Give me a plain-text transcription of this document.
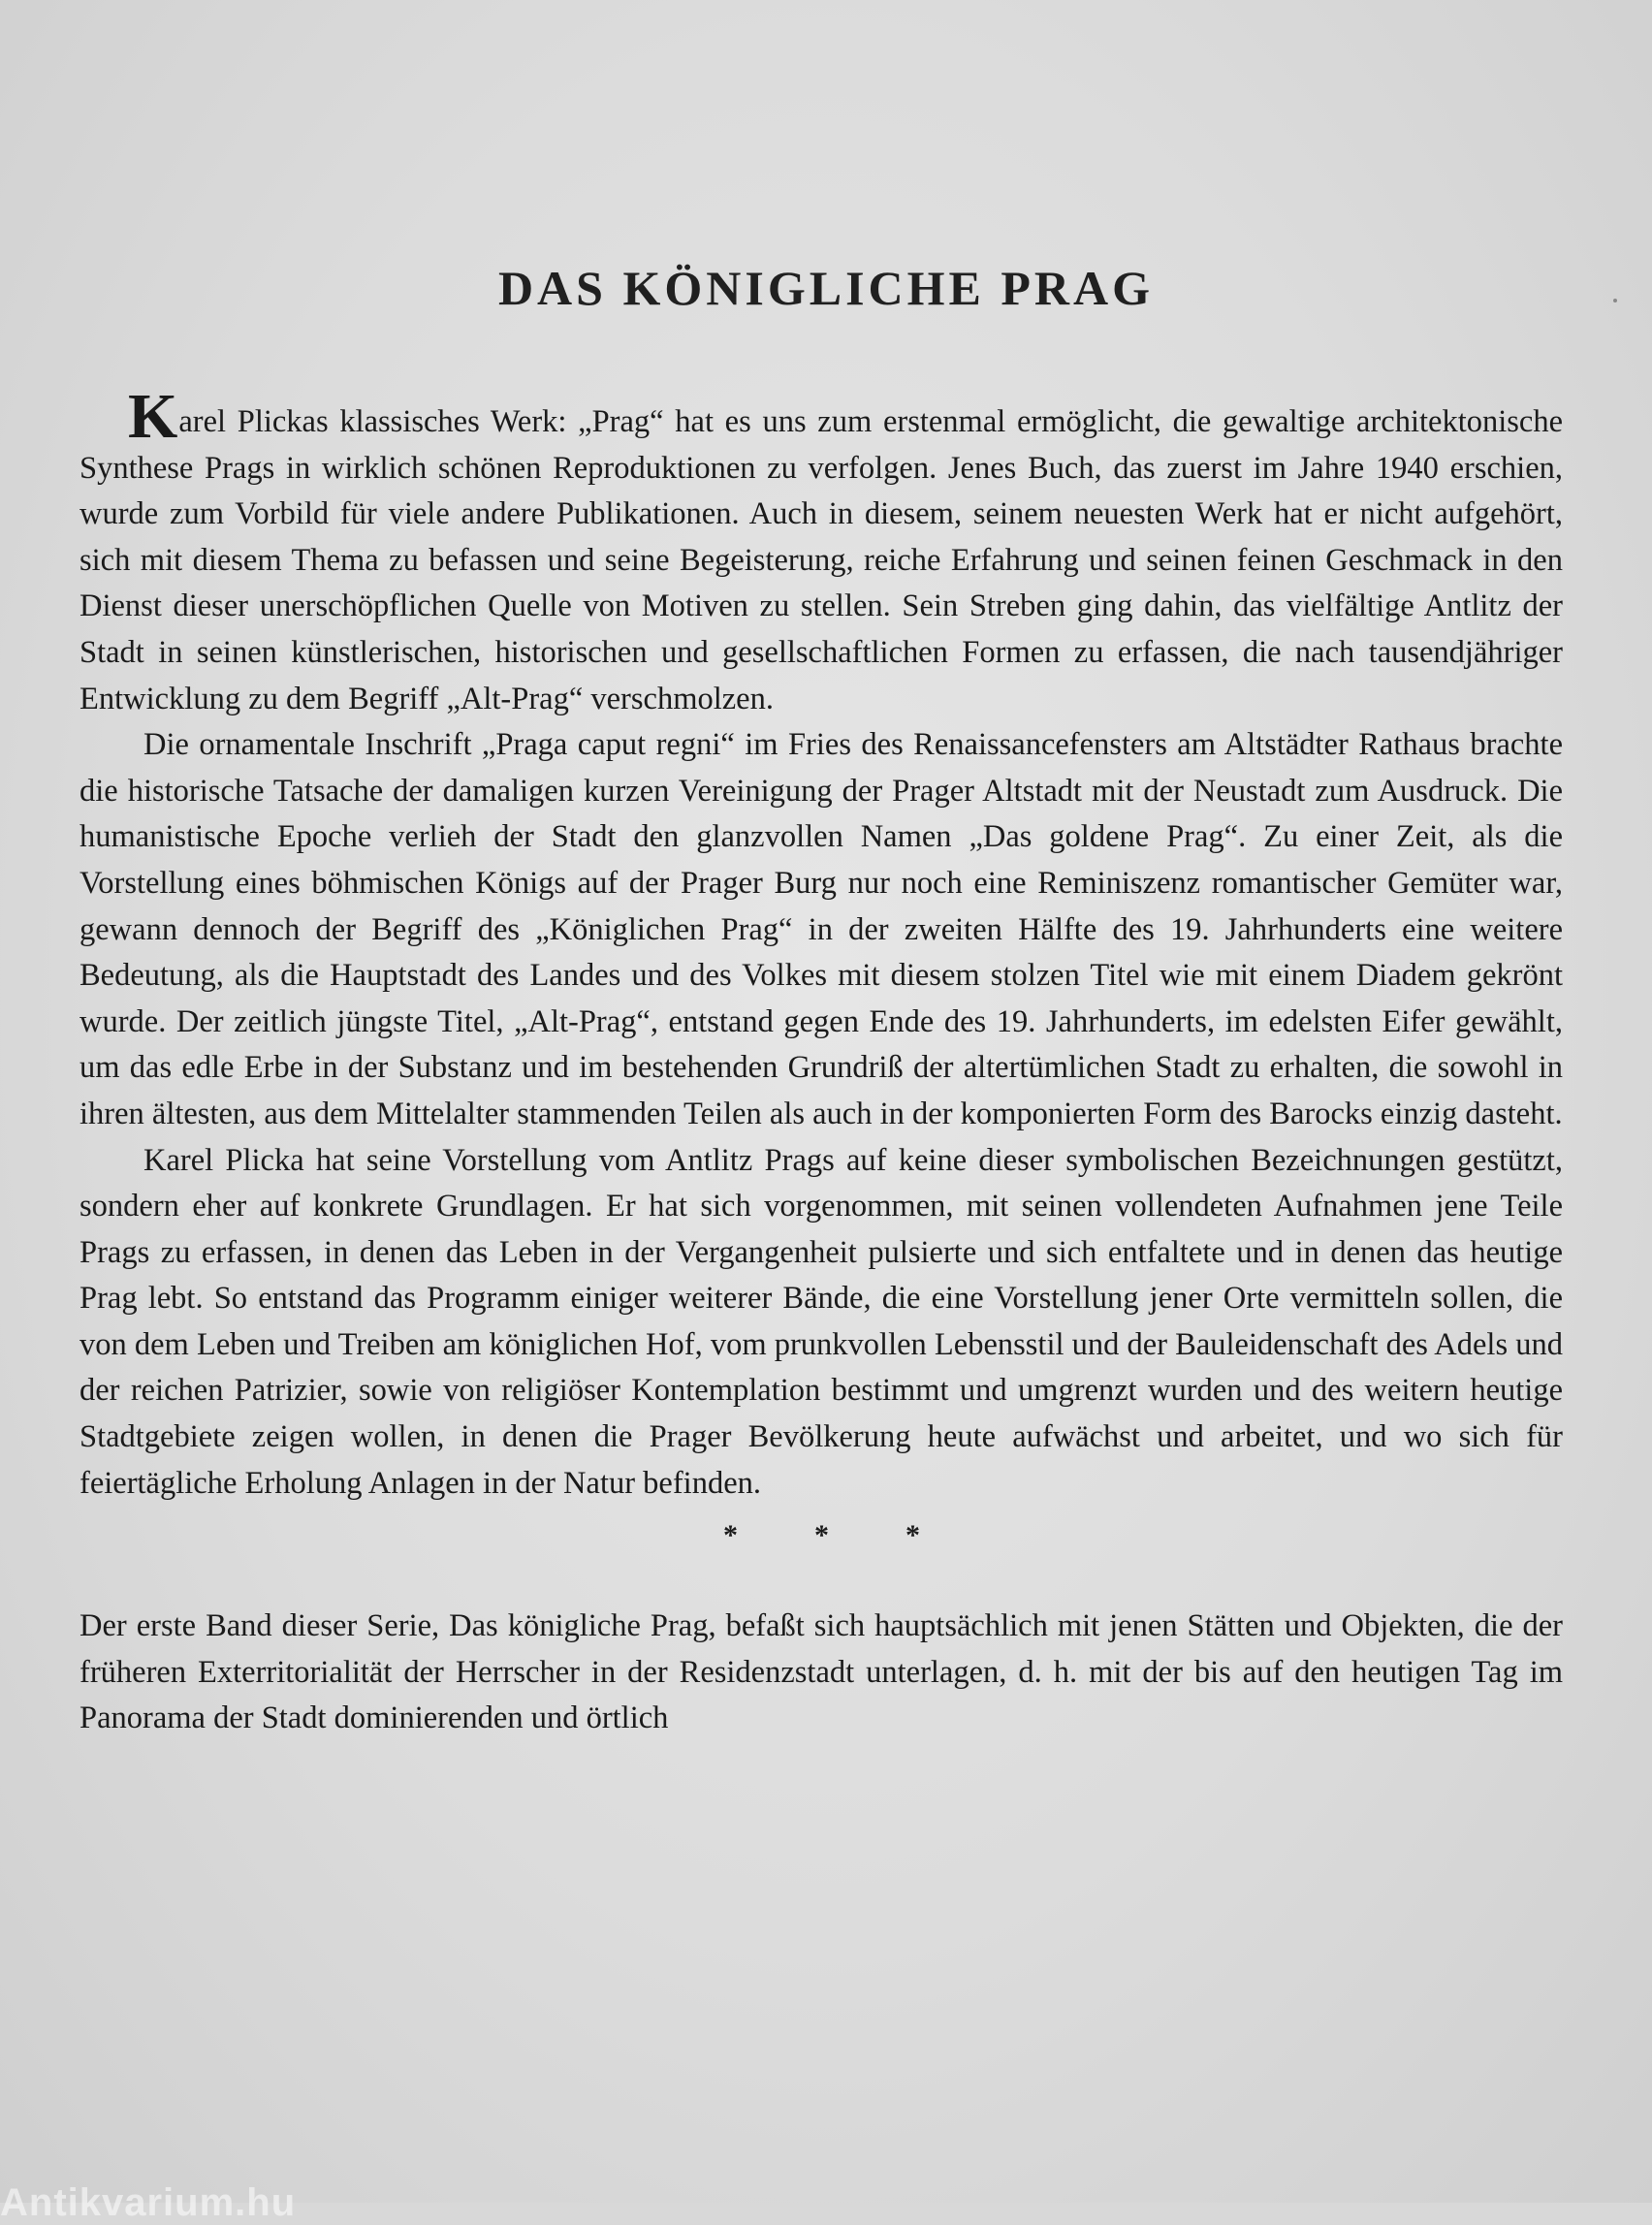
DAS KÖNIGLICHE PRAG

Karel Plickas klassisches Werk: „Prag“ hat es uns zum erstenmal ermöglicht, die gewaltige architektonische Synthese Prags in wirklich schönen Reproduktionen zu verfolgen. Jenes Buch, das zuerst im Jahre 1940 erschien, wurde zum Vorbild für viele andere Publikationen. Auch in diesem, seinem neuesten Werk hat er nicht aufgehört, sich mit diesem Thema zu befassen und seine Begeisterung, reiche Erfahrung und seinen feinen Geschmack in den Dienst dieser unerschöpflichen Quelle von Motiven zu stellen. Sein Streben ging dahin, das vielfältige Antlitz der Stadt in seinen künstlerischen, historischen und gesellschaftlichen Formen zu erfassen, die nach tausendjähriger Entwicklung zu dem Begriff „Alt-Prag“ verschmolzen.

Die ornamentale Inschrift „Praga caput regni“ im Fries des Renaissancefensters am Altstädter Rathaus brachte die historische Tatsache der damaligen kurzen Vereinigung der Prager Altstadt mit der Neustadt zum Ausdruck. Die humanistische Epoche verlieh der Stadt den glanzvollen Namen „Das goldene Prag“. Zu einer Zeit, als die Vorstellung eines böhmischen Königs auf der Prager Burg nur noch eine Reminiszenz romantischer Gemüter war, gewann dennoch der Begriff des „Königlichen Prag“ in der zweiten Hälfte des 19. Jahrhunderts eine weitere Bedeutung, als die Hauptstadt des Landes und des Volkes mit diesem stolzen Titel wie mit einem Diadem gekrönt wurde. Der zeitlich jüngste Titel, „Alt-Prag“, entstand gegen Ende des 19. Jahrhunderts, im edelsten Eifer gewählt, um das edle Erbe in der Substanz und im bestehenden Grundriß der altertümlichen Stadt zu erhalten, die sowohl in ihren ältesten, aus dem Mittelalter stammenden Teilen als auch in der komponierten Form des Barocks einzig dasteht.

Karel Plicka hat seine Vorstellung vom Antlitz Prags auf keine dieser symbolischen Bezeichnungen gestützt, sondern eher auf konkrete Grundlagen. Er hat sich vorgenommen, mit seinen vollendeten Aufnahmen jene Teile Prags zu erfassen, in denen das Leben in der Vergangenheit pulsierte und sich entfaltete und in denen das heutige Prag lebt. So entstand das Programm einiger weiterer Bände, die eine Vorstellung jener Orte vermitteln sollen, die von dem Leben und Treiben am königlichen Hof, vom prunkvollen Lebensstil und der Bauleidenschaft des Adels und der reichen Patrizier, sowie von religiöser Kontemplation bestimmt und umgrenzt wurden und des weitern heutige Stadtgebiete zeigen wollen, in denen die Prager Bevölkerung heute aufwächst und arbeitet, und wo sich für feiertägliche Erholung Anlagen in der Natur befinden.

*	*	*

Der erste Band dieser Serie, Das königliche Prag, befaßt sich hauptsächlich mit jenen Stätten und Objekten, die der früheren Exterritorialität der Herrscher in der Residenzstadt unterlagen, d. h. mit der bis auf den heutigen Tag im Panorama der Stadt dominierenden und örtlich

Antikvarium.hu
